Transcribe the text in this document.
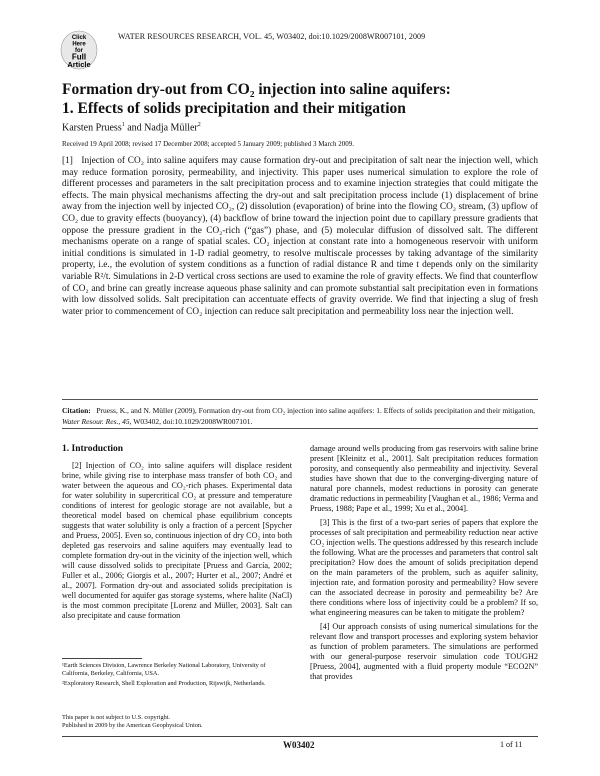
Click
Here
for
Full
Article
WATER RESOURCES RESEARCH, VOL. 45, W03402, doi:10.1029/2008WR007101, 2009
Formation dry-out from CO₂ injection into saline aquifers:
1. Effects of solids precipitation and their mitigation
Karsten Pruess$^1$ and Nadja Müller$^2$
Received 19 April 2008; revised 17 December 2008; accepted 5 January 2009; published 3 March 2009.
[1] Injection of CO₂ into saline aquifers may cause formation dry-out and precipitation of salt near the injection well, which may reduce formation porosity, permeability, and injectivity. This paper uses numerical simulation to explore the role of different processes and parameters in the salt precipitation process and to examine injection strategies that could mitigate the effects. The main physical mechanisms affecting the dry-out and salt precipitation process include (1) displacement of brine away from the injection well by injected CO₂, (2) dissolution (evaporation) of brine into the flowing CO₂ stream, (3) upflow of CO₂ due to gravity effects (buoyancy), (4) backflow of brine toward the injection point due to capillary pressure gradients that oppose the pressure gradient in the CO₂-rich (“gas”) phase, and (5) molecular diffusion of dissolved salt. The different mechanisms operate on a range of spatial scales. CO₂ injection at constant rate into a homogeneous reservoir with uniform initial conditions is simulated in 1-D radial geometry, to resolve multiscale processes by taking advantage of the similarity property, i.e., the evolution of system conditions as a function of radial distance R and time t depends only on the similarity variable R²/t. Simulations in 2-D vertical cross sections are used to examine the role of gravity effects. We find that counterflow of CO₂ and brine can greatly increase aqueous phase salinity and can promote substantial salt precipitation even in formations with low dissolved solids. Salt precipitation can accentuate effects of gravity override. We find that injecting a slug of fresh water prior to commencement of CO₂ injection can reduce salt precipitation and permeability loss near the injection well.
Citation: Pruess, K., and N. Müller (2009), Formation dry-out from CO₂ injection into saline aquifers: 1. Effects of solids precipitation and their mitigation, Water Resour. Res., 45, W03402, doi:10.1029/2008WR007101.
1. Introduction

[2] Injection of CO₂ into saline aquifers will displace resident brine, while giving rise to interphase mass transfer of both CO₂ and water between the aqueous and CO₂-rich phases. Experimental data for water solubility in supercritical CO₂ at pressure and temperature conditions of interest for geologic storage are not available, but a theoretical model based on chemical phase equilibrium concepts suggests that water solubility is only a fraction of a percent [Spycher and Pruess, 2005]. Even so, continuous injection of dry CO₂ into both depleted gas reservoirs and saline aquifers may eventually lead to complete formation dry-out in the vicinity of the injection well, which will cause dissolved solids to precipitate [Pruess and García, 2002; Fuller et al., 2006; Giorgis et al., 2007; Hurter et al., 2007; André et al., 2007]. Formation dry-out and associated solids precipitation is well documented for aquifer gas storage systems, where halite (NaCl) is the most common precipitate [Lorenz and Müller, 2003]. Salt can also precipitate and cause formation

¹Earth Sciences Division, Lawrence Berkeley National Laboratory, University of California, Berkeley, California, USA.

²Exploratory Research, Shell Exploration and Production, Rijswijk, Netherlands.

This paper is not subject to U.S. copyright.
Published in 2009 by the American Geophysical Union.

damage around wells producing from gas reservoirs with saline brine present [Kleinitz et al., 2001]. Salt precipitation reduces formation porosity, and consequently also permeability and injectivity. Several studies have shown that due to the converging-diverging nature of natural pore channels, modest reductions in porosity can generate dramatic reductions in permeability [Vaughan et al., 1986; Verma and Pruess, 1988; Pape et al., 1999; Xu et al., 2004].

[3] This is the first of a two-part series of papers that explore the processes of salt precipitation and permeability reduction near active CO₂ injection wells. The questions addressed by this research include the following. What are the processes and parameters that control salt precipitation? How does the amount of solids precipitation depend on the main parameters of the problem, such as aquifer salinity, injection rate, and formation porosity and permeability? How severe can the associated decrease in porosity and permeability be? Are there conditions where loss of injectivity could be a problem? If so, what engineering measures can be taken to mitigate the problem?

[4] Our approach consists of using numerical simulations for the relevant flow and transport processes and exploring system behavior as function of problem parameters. The simulations are performed with our general-purpose reservoir simulation code TOUGH2 [Pruess, 2004], augmented with a fluid property module “ECO2N” that provides

W03402	1 of 11
